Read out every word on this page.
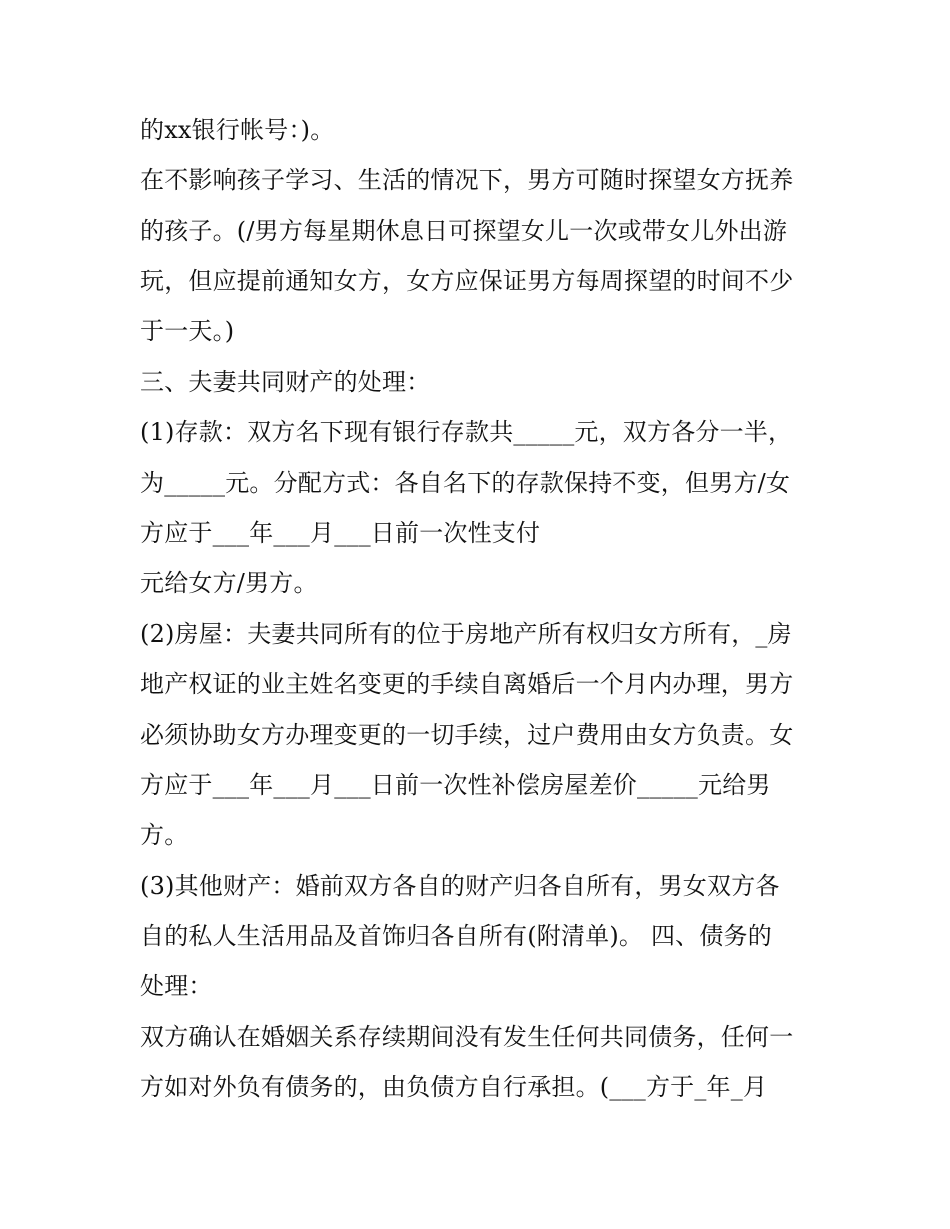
的xx银行帐号：)。
在不影响孩子学习、生活的情况下，男方可随时探望女方抚养
的孩子。(/男方每星期休息日可探望女儿一次或带女儿外出游
玩，但应提前通知女方，女方应保证男方每周探望的时间不少
于一天。)
三、夫妻共同财产的处理：
(1)存款：双方名下现有银行存款共_____元，双方各分一半，
为_____元。分配方式：各自名下的存款保持不变，但男方/女
方应于___年___月___日前一次性支付
元给女方/男方。
(2)房屋：夫妻共同所有的位于房地产所有权归女方所有，_房
地产权证的业主姓名变更的手续自离婚后一个月内办理，男方
必须协助女方办理变更的一切手续，过户费用由女方负责。女
方应于___年___月___日前一次性补偿房屋差价_____元给男
方。
(3)其他财产：婚前双方各自的财产归各自所有，男女双方各
自的私人生活用品及首饰归各自所有(附清单)。 四、债务的
处理：
双方确认在婚姻关系存续期间没有发生任何共同债务，任何一
方如对外负有债务的，由负债方自行承担。(___方于_年_月
